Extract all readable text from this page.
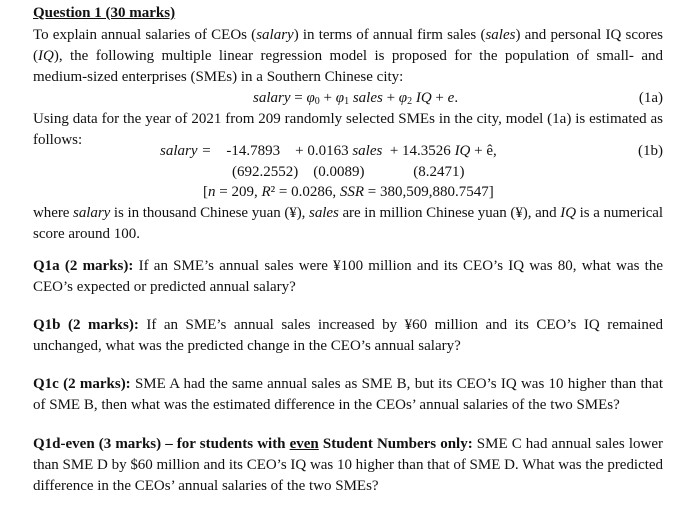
Question 1 (30 marks)
To explain annual salaries of CEOs (salary) in terms of annual firm sales (sales) and personal IQ scores
(IQ), the following multiple linear regression model is proposed for the population of small- and
medium-sized enterprises (SMEs) in a Southern Chinese city:
salary = φ0 + φ1 sales + φ2 IQ + e.	(1a)
Using data for the year of 2021 from 209 randomly selected SMEs in the city, model (1a) is estimated as
follows:
where salary is in thousand Chinese yuan (¥), sales are in million Chinese yuan (¥), and IQ is a numerical
score around 100.
Q1a (2 marks): If an SME’s annual sales were ¥100 million and its CEO’s IQ was 80, what was the
CEO’s expected or predicted annual salary?
Q1b (2 marks): If an SME’s annual sales increased by ¥60 million and its CEO’s IQ remained
unchanged, what was the predicted change in the CEO’s annual salary?
Q1c (2 marks): SME A had the same annual sales as SME B, but its CEO’s IQ was 10 higher than that
of SME B, then what was the estimated difference in the CEOs’ annual salaries of the two SMEs?
Q1d-even (3 marks) – for students with even Student Numbers only: SME C had annual sales lower
than SME D by $60 million and its CEO’s IQ was 10 higher than that of SME D. What was the predicted
difference in the CEOs’ annual salaries of the two SMEs?
salary = -14.7893    + 0.0163 sales  + 14.3526 IQ + ê,	(1b)
(692.2552)    (0.0089)             (8.2471)
[n = 209, R² = 0.0286, SSR = 380,509,880.7547]
